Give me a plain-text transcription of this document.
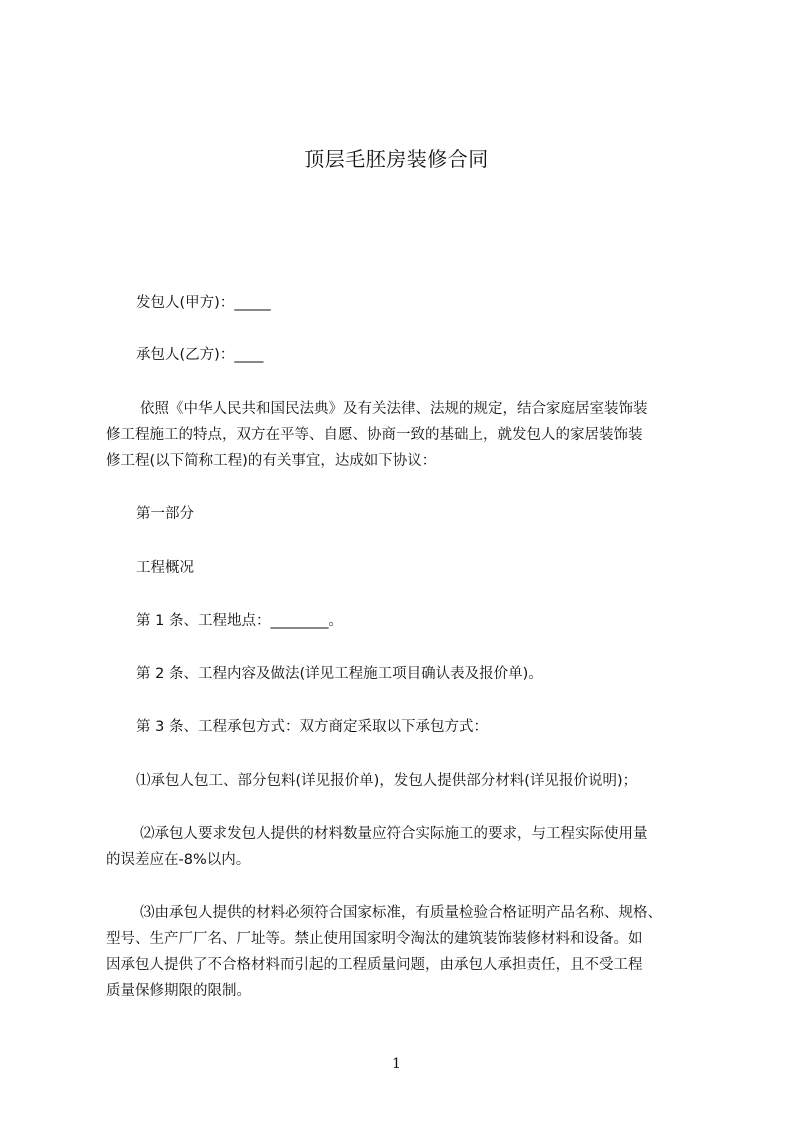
顶层毛胚房装修合同
发包人(甲方)：_____
承包人(乙方)：____
依照《中华人民共和国民法典》及有关法律、法规的规定，结合家庭居室装饰装
修工程施工的特点，双方在平等、自愿、协商一致的基础上，就发包人的家居装饰装
修工程(以下简称工程)的有关事宜，达成如下协议：
第一部分
工程概况
第 1 条、工程地点：________。
第 2 条、工程内容及做法(详见工程施工项目确认表及报价单)。
第 3 条、工程承包方式：双方商定采取以下承包方式：
⑴承包人包工、部分包料(详见报价单)，发包人提供部分材料(详见报价说明)；
⑵承包人要求发包人提供的材料数量应符合实际施工的要求，与工程实际使用量
的误差应在-8%以内。
⑶由承包人提供的材料必须符合国家标准，有质量检验合格证明产品名称、规格、
型号、生产厂厂名、厂址等。禁止使用国家明令淘汰的建筑装饰装修材料和设备。如
因承包人提供了不合格材料而引起的工程质量问题，由承包人承担责任，且不受工程
质量保修期限的限制。
1
